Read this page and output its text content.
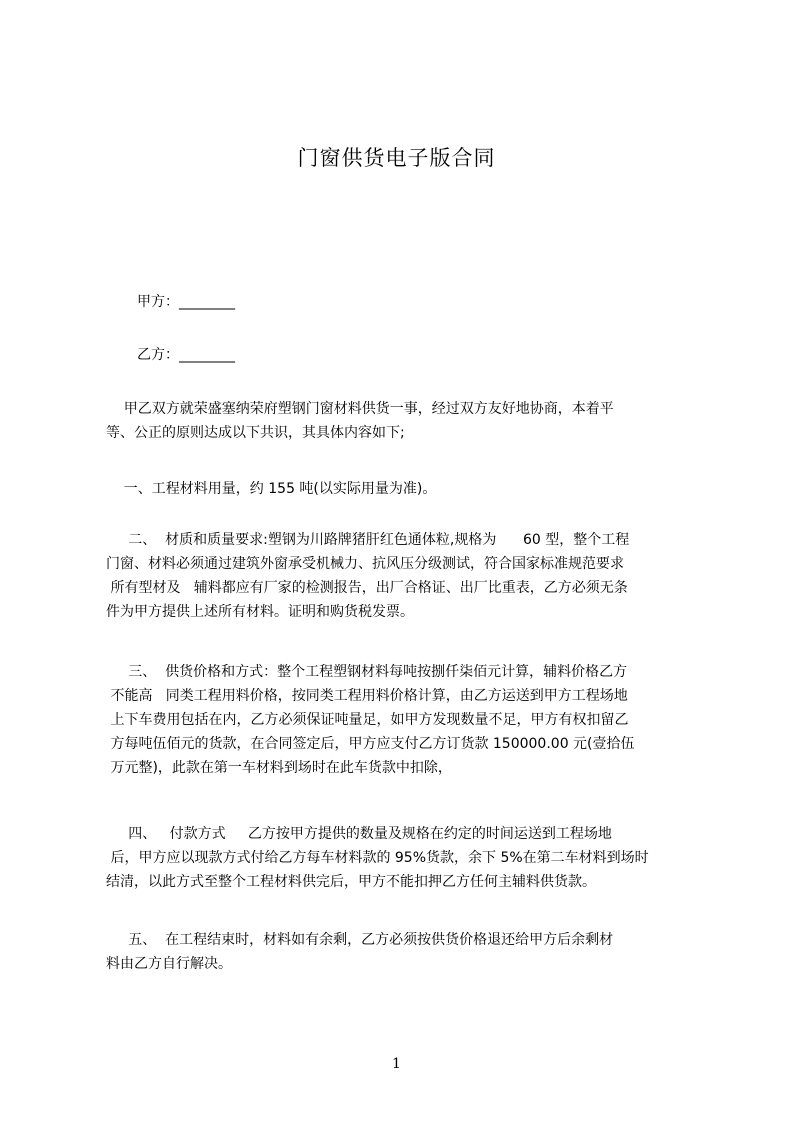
门窗供货电子版合同
甲方：________
乙方：________
甲乙双方就荣盛塞纳荣府塑钢门窗材料供货一事，经过双方友好地协商，本着平
等、公正的原则达成以下共识，其具体内容如下;
一、工程材料用量，约 155 吨(以实际用量为准)。
二、  材质和质量要求:塑钢为川路牌猪肝红色通体粒,规格为      60 型，整个工程
门窗、材料必须通过建筑外窗承受机械力、抗风压分级测试，符合国家标准规范要求
所有型材及   辅料都应有厂家的检测报告，出厂合格证、出厂比重表，乙方必须无条
件为甲方提供上述所有材料。证明和购货税发票。
三、  供货价格和方式：整个工程塑钢材料每吨按捌仟柒佰元计算，辅料价格乙方
不能高   同类工程用料价格，按同类工程用料价格计算，由乙方运送到甲方工程场地
上下车费用包括在内，乙方必须保证吨量足，如甲方发现数量不足，甲方有权扣留乙
方每吨伍佰元的货款，在合同签定后，甲方应支付乙方订货款 150000.00 元(壹拾伍
万元整)，此款在第一车材料到场时在此车货款中扣除，
四、   付款方式     乙方按甲方提供的数量及规格在约定的时间运送到工程场地
后，甲方应以现款方式付给乙方每车材料款的 95%货款，余下 5%在第二车材料到场时
结清，以此方式至整个工程材料供完后，甲方不能扣押乙方任何主辅料供货款。
五、  在工程结束时，材料如有余剩，乙方必须按供货价格退还给甲方后余剩材
料由乙方自行解决。
1
